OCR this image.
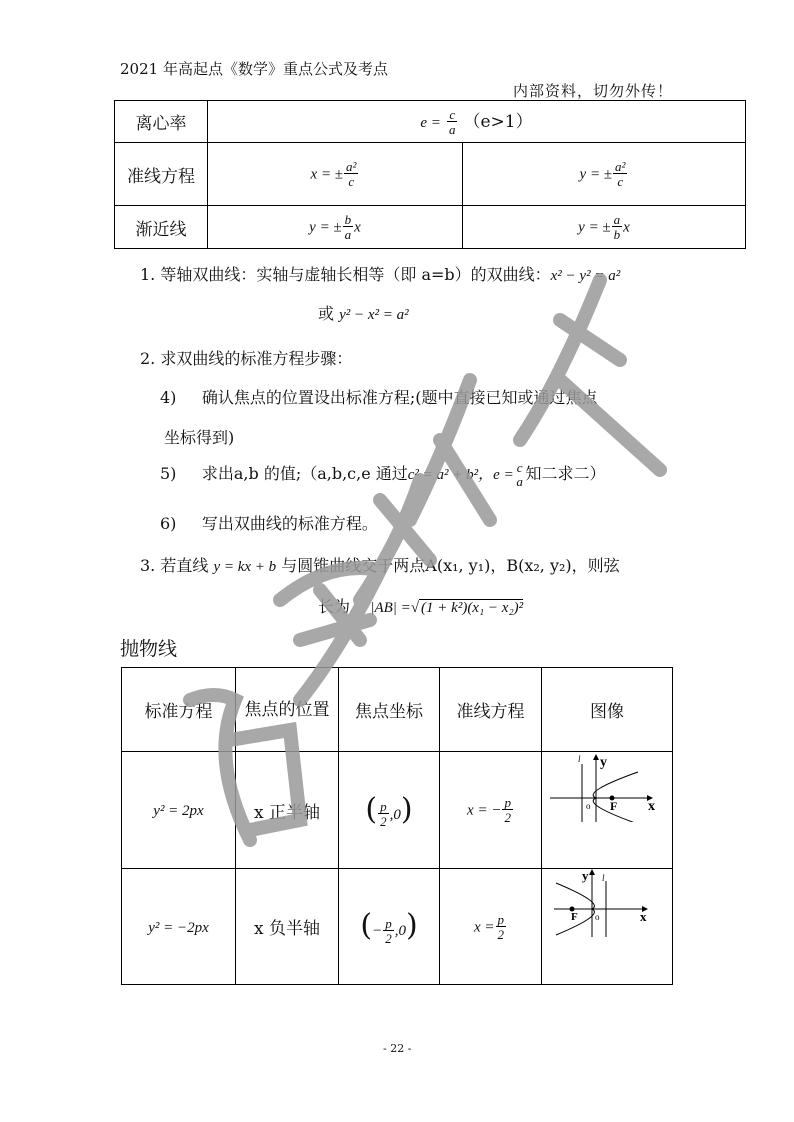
2021 年高起点《数学》重点公式及考点
内部资料，切勿外传！
离心率	$e = \frac{c}{a} (e>1)$	
准线方程	x = ± $\frac{\text{a²}}{c}$	y = ± $\frac{\text{a²}}{c}$

渐近线	y = ± $\frac{b}{a}$ x	y = ± $\frac{a}{b}$ x
1. 等轴双曲线：实轴与虚轴长相等（即 a=b）的双曲线：x² − y² = a²
或 y² − x² = a²
2. 求双曲线的标准方程步骤：
4) 确认焦点的位置设出标准方程;(题中直接已知或通过焦点
坐标得到)
5) 求出a,b 的值;（a,b,c,e 通过c² = a² + b²，e = c
a 知二求二）
6) 写出双曲线的标准方程。
3. 若直线 y = kx + b 与圆锥曲线交于两点A(x₁, y₁)，B(x₂, y₂)，则弦
长为 |AB| =√ (1 + k²)(x₁ − x₂)²
抛物线
标准方程	焦点的位置	焦点坐标	准线方程	图像
y² = 2px	x 正半轴	( $\frac{p}{2} ,0$)	x = − $\frac{p}{2}$	l y
o F x

y² = −2px	x 负半轴	(− $\frac{p}{2} ,0$)	$x = \frac{p}{2}$	y l
o
F x
- 22 -
